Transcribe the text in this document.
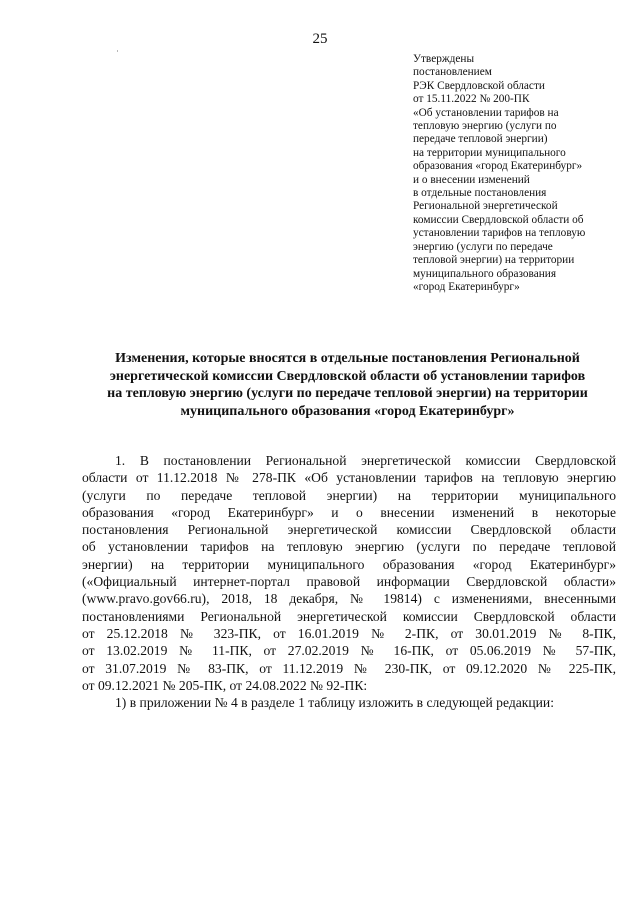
25
Утверждены
постановлением
РЭК Свердловской области
от 15.11.2022 № 200-ПК
«Об установлении тарифов на
тепловую энергию (услуги по
передаче тепловой энергии)
на территории муниципального
образования «город Екатеринбург»
и о внесении изменений
в отдельные постановления
Региональной энергетической
комиссии Свердловской области об
установлении тарифов на тепловую
энергию (услуги по передаче
тепловой энергии) на территории
муниципального образования
«город Екатеринбург»
Изменения, которые вносятся в отдельные постановления Региональной
энергетической комиссии Свердловской области об установлении тарифов
на тепловую энергию (услуги по передаче тепловой энергии) на территории
муниципального образования «город Екатеринбург»
1. В постановлении Региональной энергетической комиссии Свердловской
области от 11.12.2018 № 278-ПК «Об установлении тарифов на тепловую энергию
(услуги по передаче тепловой энергии) на территории муниципального
образования «город Екатеринбург» и о внесении изменений в некоторые
постановления Региональной энергетической комиссии Свердловской области
об установлении тарифов на тепловую энергию (услуги по передаче тепловой
энергии) на территории муниципального образования «город Екатеринбург»
(«Официальный интернет-портал правовой информации Свердловской области»
(www.pravo.gov66.ru), 2018, 18 декабря, № 19814) с изменениями, внесенными
постановлениями Региональной энергетической комиссии Свердловской области
от 25.12.2018 № 323-ПК, от 16.01.2019 № 2-ПК, от 30.01.2019 № 8-ПК,
от 13.02.2019 № 11-ПК, от 27.02.2019 № 16-ПК, от 05.06.2019 № 57-ПК,
от 31.07.2019 № 83-ПК, от 11.12.2019 № 230-ПК, от 09.12.2020 № 225-ПК,
от 09.12.2021 № 205-ПК, от 24.08.2022 № 92-ПК:
1) в приложении № 4 в разделе 1 таблицу изложить в следующей редакции:
